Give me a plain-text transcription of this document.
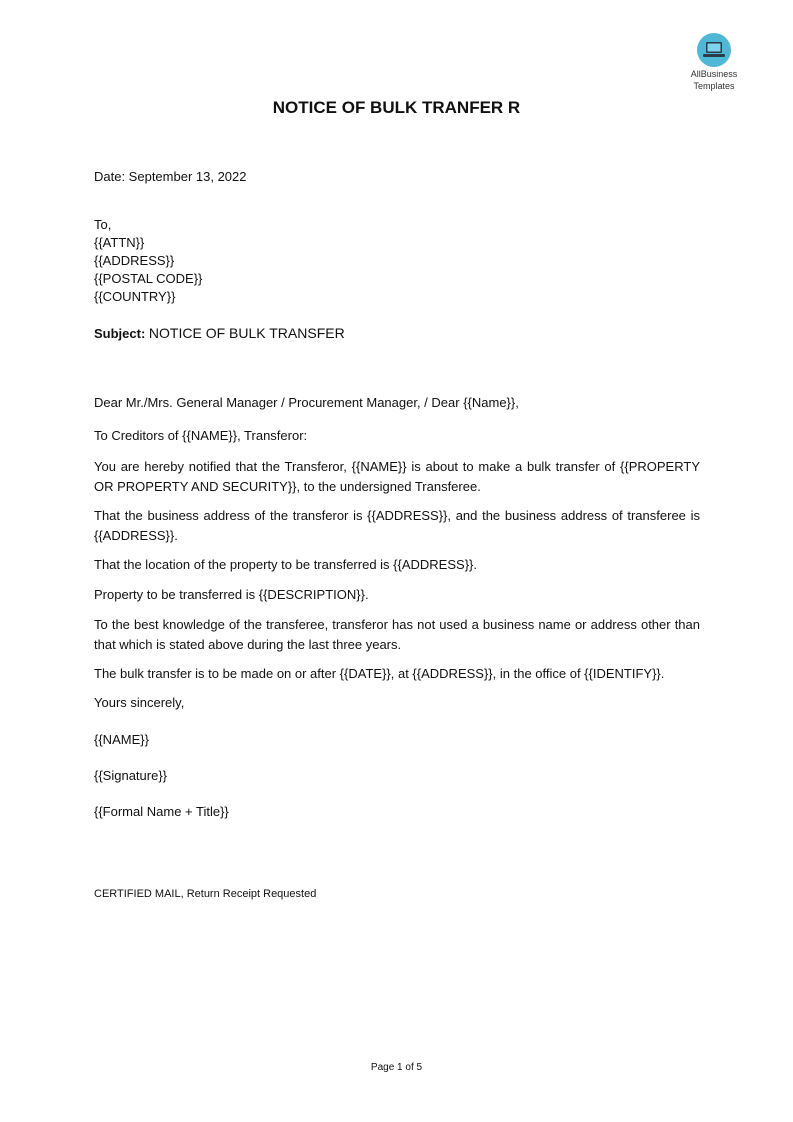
AllBusiness
Templates
NOTICE OF BULK TRANFER R
Date: September 13, 2022
To,
{{ATTN}}
{{ADDRESS}}
{{POSTAL CODE}}
{{COUNTRY}}
Subject: NOTICE OF BULK TRANSFER
Dear Mr./Mrs. General Manager / Procurement Manager, / Dear {{Name}},

To Creditors of {{NAME}}, Transferor:

You are hereby notified that the Transferor, {{NAME}} is about to make a bulk transfer of {{PROPERTY OR PROPERTY AND SECURITY}}, to the undersigned Transferee.

That the business address of the transferor is {{ADDRESS}}, and the business address of transferee is {{ADDRESS}}.

That the location of the property to be transferred is {{ADDRESS}}.

Property to be transferred is {{DESCRIPTION}}.

To the best knowledge of the transferee, transferor has not used a business name or address other than that which is stated above during the last three years.

The bulk transfer is to be made on or after {{DATE}}, at {{ADDRESS}}, in the office of {{IDENTIFY}}.

Yours sincerely,
{{NAME}}
{{Signature}}
{{Formal Name + Title}}
CERTIFIED MAIL, Return Receipt Requested
Page 1 of 5
